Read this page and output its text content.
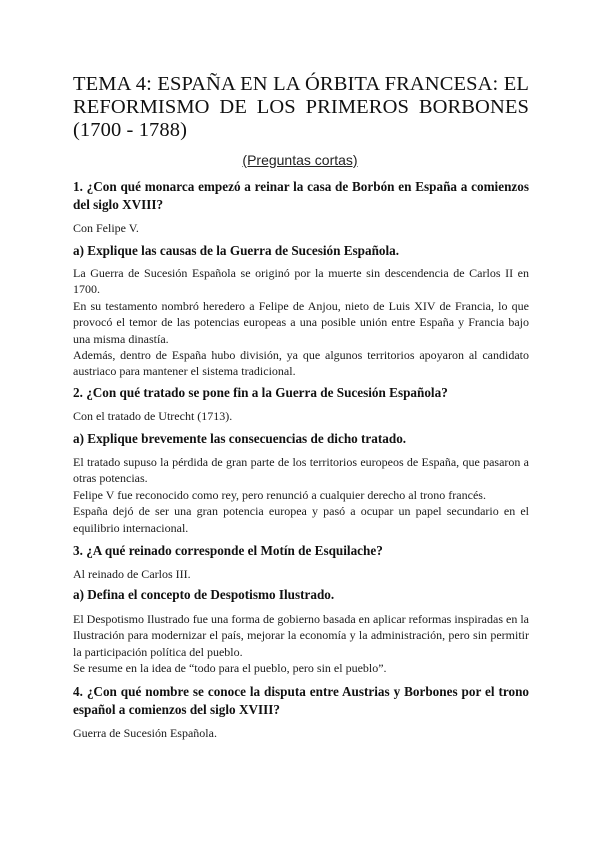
TEMA 4: ESPAÑA EN LA ÓRBITA FRANCESA: EL REFORMISMO DE LOS PRIMEROS BORBONES (1700 - 1788)
(Preguntas cortas)
1. ¿Con qué monarca empezó a reinar la casa de Borbón en España a comienzos del siglo XVIII?
Con Felipe V.
a) Explique las causas de la Guerra de Sucesión Española.
La Guerra de Sucesión Española se originó por la muerte sin descendencia de Carlos II en 1700.
En su testamento nombró heredero a Felipe de Anjou, nieto de Luis XIV de Francia, lo que provocó el temor de las potencias europeas a una posible unión entre España y Francia bajo una misma dinastía.
Además, dentro de España hubo división, ya que algunos territorios apoyaron al candidato austriaco para mantener el sistema tradicional.
2. ¿Con qué tratado se pone fin a la Guerra de Sucesión Española?
Con el tratado de Utrecht (1713).
a) Explique brevemente las consecuencias de dicho tratado.
El tratado supuso la pérdida de gran parte de los territorios europeos de España, que pasaron a otras potencias.
Felipe V fue reconocido como rey, pero renunció a cualquier derecho al trono francés.
España dejó de ser una gran potencia europea y pasó a ocupar un papel secundario en el equilibrio internacional.
3. ¿A qué reinado corresponde el Motín de Esquilache?
Al reinado de Carlos III.
a) Defina el concepto de Despotismo Ilustrado.
El Despotismo Ilustrado fue una forma de gobierno basada en aplicar reformas inspiradas en la Ilustración para modernizar el país, mejorar la economía y la administración, pero sin permitir la participación política del pueblo.
Se resume en la idea de “todo para el pueblo, pero sin el pueblo”.
4. ¿Con qué nombre se conoce la disputa entre Austrias y Borbones por el trono español a comienzos del siglo XVIII?
Guerra de Sucesión Española.
